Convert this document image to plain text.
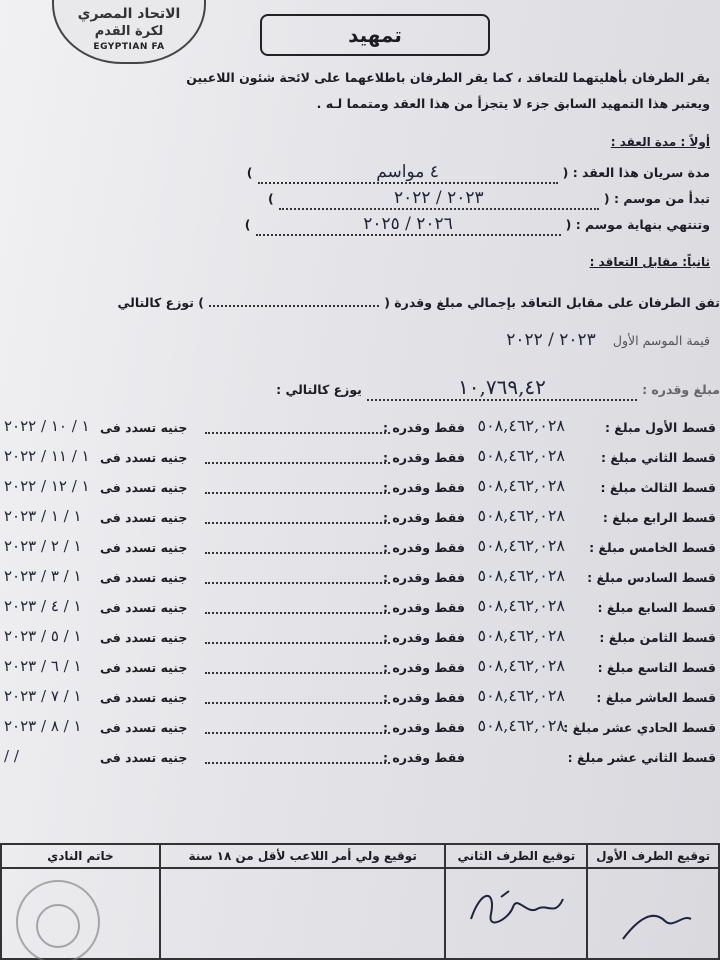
الاتحاد المصري
لكرة القدم
EGYPTIAN FA	تمهيد
يقر الطرفان بأهليتهما للتعاقد ، كما يقر الطرفان باطلاعهما على لائحة شئون اللاعبين
ويعتبر هذا التمهيد السابق جزء لا يتجزأ من هذا العقد ومتمما لـه .
أولاً : مدة العقد :
مدة سريان هذا العقد : ( ٤ مواسم )
تبدأ من موسم : ( ٢٠٢٣ / ٢٠٢٢ )
وتنتهي بنهاية موسم : ( ٢٠٢٦ / ٢٠٢٥ )
ثانياً: مقابل التعاقد :
تفق الطرفان على مقابل التعاقد بإجمالي مبلغ وقدرة (  ) توزع كالتالي
قيمة الموسم الأول ٢٠٢٣ / ٢٠٢٢
مبلغ وقدره : ١٠,٧٦٩,٤٢ يوزع كالتالي :
قسط الأول مبلغ :
فقط وقدره : ٥٠٨,٤٦٢,٠٢٨
جنيه تسدد فى
١ / ١٠ / ٢٠٢٢
قسط الثاني مبلغ :
فقط وقدره : ٥٠٨,٤٦٢,٠٢٨
جنيه تسدد فى
١ / ١١ / ٢٠٢٢
قسط الثالث مبلغ :
فقط وقدره : ٥٠٨,٤٦٢,٠٢٨
جنيه تسدد فى
١ / ١٢ / ٢٠٢٢
قسط الرابع مبلغ :
فقط وقدره : ٥٠٨,٤٦٢,٠٢٨
جنيه تسدد فى
١ / ١ / ٢٠٢٣
قسط الخامس مبلغ :
فقط وقدره : ٥٠٨,٤٦٢,٠٢٨
جنيه تسدد فى
١ / ٢ / ٢٠٢٣
قسط السادس مبلغ :
فقط وقدره : ٥٠٨,٤٦٢,٠٢٨
جنيه تسدد فى
١ / ٣ / ٢٠٢٣
قسط السابع مبلغ :
فقط وقدره : ٥٠٨,٤٦٢,٠٢٨
جنيه تسدد فى
١ / ٤ / ٢٠٢٣
قسط الثامن مبلغ :
فقط وقدره : ٥٠٨,٤٦٢,٠٢٨
جنيه تسدد فى
١ / ٥ / ٢٠٢٣
قسط التاسع مبلغ :
فقط وقدره : ٥٠٨,٤٦٢,٠٢٨
جنيه تسدد فى
١ / ٦ / ٢٠٢٣
قسط العاشر مبلغ :
فقط وقدره : ٥٠٨,٤٦٢,٠٢٨
جنيه تسدد فى
١ / ٧ / ٢٠٢٣
قسط الحادي عشر مبلغ :
فقط وقدره : ٥٠٨,٤٦٢,٠٢٨
جنيه تسدد فى
١ / ٨ / ٢٠٢٣
قسط الثاني عشر مبلغ :
فقط وقدره :
جنيه تسدد فى
/ /
خاتم النادي	توقيع ولي أمر اللاعب لأقل من ١٨ سنة	توقيع الطرف الثاني	توقيع الطرف الأول
